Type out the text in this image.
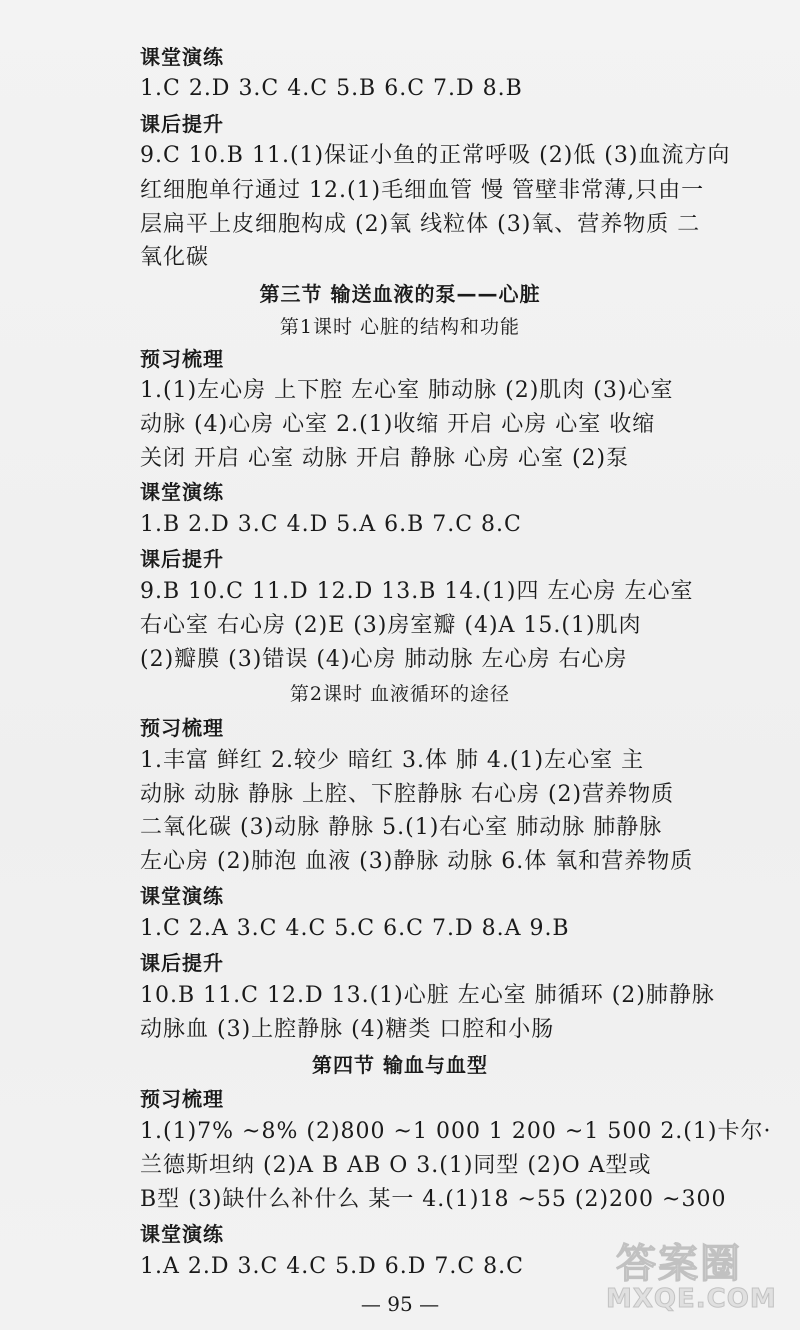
课堂演练
1.C 2.D 3.C 4.C 5.B 6.C 7.D 8.B
课后提升
9.C 10.B 11.(1)保证小鱼的正常呼吸 (2)低 (3)血流方向
红细胞单行通过 12.(1)毛细血管 慢 管壁非常薄,只由一
层扁平上皮细胞构成 (2)氧 线粒体 (3)氧、营养物质 二
氧化碳
第三节 输送血液的泵——心脏
第1课时 心脏的结构和功能
预习梳理
1.(1)左心房 上下腔 左心室 肺动脉 (2)肌肉 (3)心室
动脉 (4)心房 心室 2.(1)收缩 开启 心房 心室 收缩
关闭 开启 心室 动脉 开启 静脉 心房 心室 (2)泵
课堂演练
1.B 2.D 3.C 4.D 5.A 6.B 7.C 8.C
课后提升
9.B 10.C 11.D 12.D 13.B 14.(1)四 左心房 左心室
右心室 右心房 (2)E (3)房室瓣 (4)A 15.(1)肌肉
(2)瓣膜 (3)错误 (4)心房 肺动脉 左心房 右心房
第2课时 血液循环的途径
预习梳理
1.丰富 鲜红 2.较少 暗红 3.体 肺 4.(1)左心室 主
动脉 动脉 静脉 上腔、下腔静脉 右心房 (2)营养物质
二氧化碳 (3)动脉 静脉 5.(1)右心室 肺动脉 肺静脉
左心房 (2)肺泡 血液 (3)静脉 动脉 6.体 氧和营养物质
课堂演练
1.C 2.A 3.C 4.C 5.C 6.C 7.D 8.A 9.B
课后提升
10.B 11.C 12.D 13.(1)心脏 左心室 肺循环 (2)肺静脉
动脉血 (3)上腔静脉 (4)糖类 口腔和小肠
第四节 输血与血型
预习梳理
1.(1)7% ~8% (2)800 ~1 000 1 200 ~1 500 2.(1)卡尔·
兰德斯坦纳 (2)A B AB O 3.(1)同型 (2)O A型或
B型 (3)缺什么补什么 某一 4.(1)18 ~55 (2)200 ~300
课堂演练
1.A 2.D 3.C 4.C 5.D 6.D 7.C 8.C
— 95 —
答案圈
MXQE.COM
